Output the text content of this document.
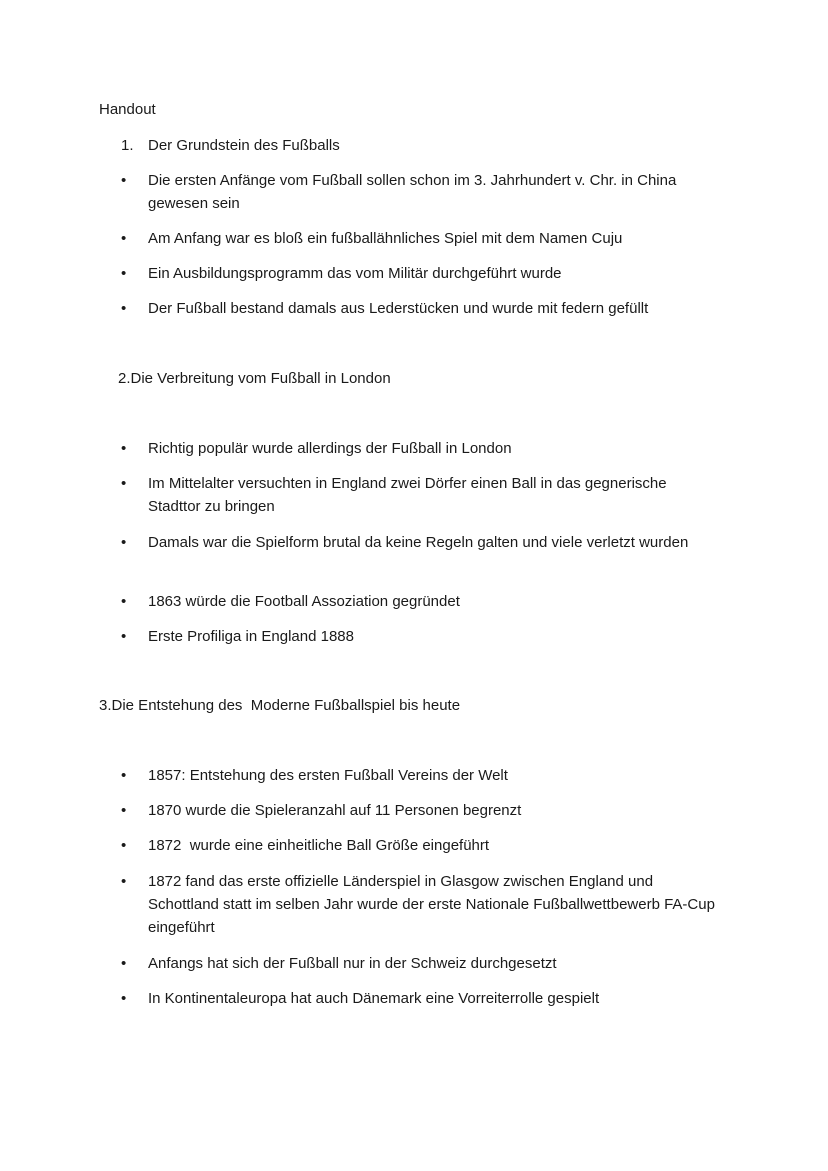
Handout
1. Der Grundstein des Fußballs
•	Die ersten Anfänge vom Fußball sollen schon im 3. Jahrhundert v. Chr. in China gewesen sein
•	Am Anfang war es bloß ein fußballähnliches Spiel mit dem Namen Cuju
•	Ein Ausbildungsprogramm das vom Militär durchgeführt wurde
•	Der Fußball bestand damals aus Lederstücken und wurde mit federn gefüllt
2.Die Verbreitung vom Fußball in London
•	Richtig populär wurde allerdings der Fußball in London
•	Im Mittelalter versuchten in England zwei Dörfer einen Ball in das gegnerische Stadttor zu bringen
•	Damals war die Spielform brutal da keine Regeln galten und viele verletzt wurden
•	1863 würde die Football Assoziation gegründet
•	Erste Profiliga in England 1888
3.Die Entstehung des  Moderne Fußballspiel bis heute
•	1857: Entstehung des ersten Fußball Vereins der Welt
•	1870 wurde die Spieleranzahl auf 11 Personen begrenzt
•	1872  wurde eine einheitliche Ball Größe eingeführt
•	1872 fand das erste offizielle Länderspiel in Glasgow zwischen England und Schottland statt im selben Jahr wurde der erste Nationale Fußballwettbewerb FA-Cup eingeführt
•	Anfangs hat sich der Fußball nur in der Schweiz durchgesetzt
•	In Kontinentaleuropa hat auch Dänemark eine Vorreiterrolle gespielt
